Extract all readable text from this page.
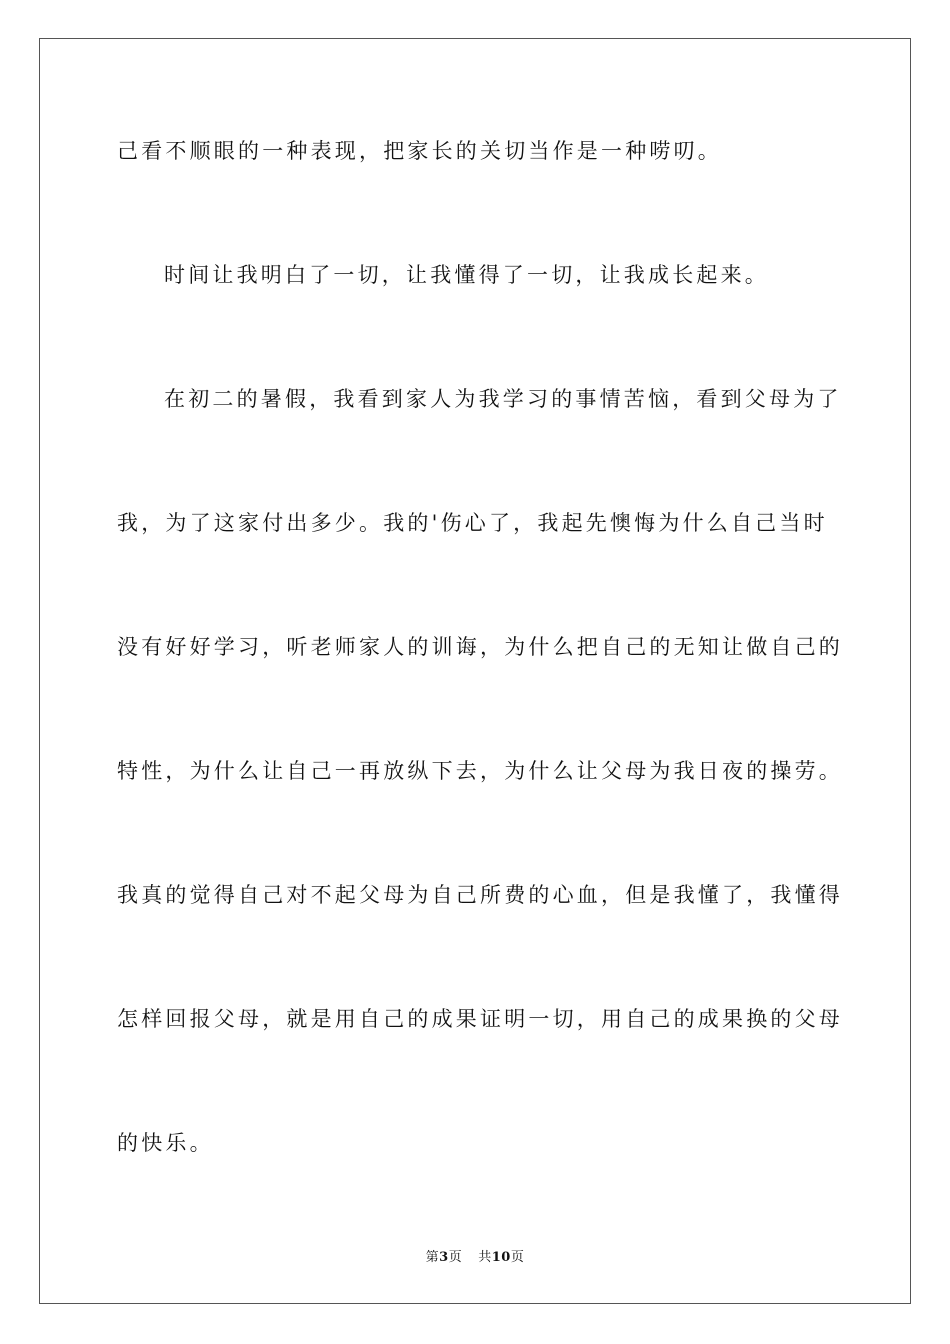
己看不顺眼的一种表现，把家长的关切当作是一种唠叨。
时间让我明白了一切，让我懂得了一切，让我成长起来。
在初二的暑假，我看到家人为我学习的事情苦恼，看到父母为了
我，为了这家付出多少。我的'伤心了，我起先懊悔为什么自己当时
没有好好学习，听老师家人的训诲，为什么把自己的无知让做自己的
特性，为什么让自己一再放纵下去，为什么让父母为我日夜的操劳。
我真的觉得自己对不起父母为自己所费的心血，但是我懂了，我懂得
怎样回报父母，就是用自己的成果证明一切，用自己的成果换的父母
的快乐。
第3页 共10页
